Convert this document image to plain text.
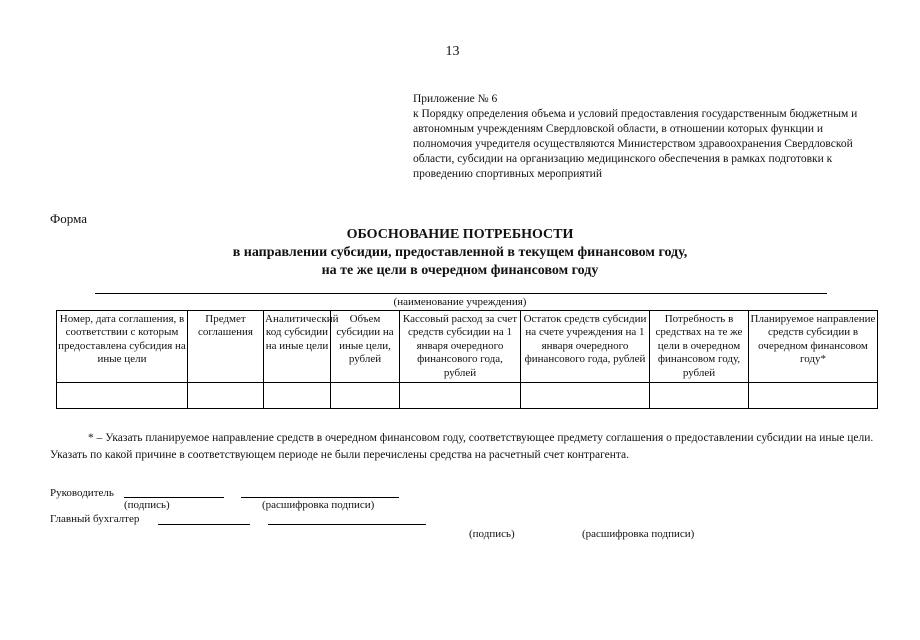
13
Приложение № 6
к Порядку определения объема и условий предоставления государственным бюджетным и автономным учреждениям Свердловской области, в отношении которых функции и полномочия учредителя осуществляются Министерством здравоохранения Свердловской области, субсидии на организацию медицинского обеспечения в рамках подготовки к проведению спортивных мероприятий
Форма
ОБОСНОВАНИЕ ПОТРЕБНОСТИ
в направлении субсидии, предоставленной в текущем финансовом году,
на те же цели в очередном финансовом году
(наименование учреждения)
Номер, дата соглашения, в соответствии с которым предоставлена субсидия на иные цели	Предмет соглашения	Аналитический код субсидии на иные цели	Объем субсидии на иные цели, рублей	Кассовый расход за счет средств субсидии на 1 января очередного финансового года, рублей	Остаток средств субсидии на счете учреждения на 1 января очередного финансового года, рублей	Потребность в средствах на те же цели в очередном финансовом году, рублей	Планируемое направление средств субсидии в очередном финансовом году*

* – Указать планируемое направление средств в очередном финансовом году, соответствующее предмету соглашения о предоставлении субсидии на иные цели. Указать по какой причине в соответствующем периоде не были перечислены средства на расчетный счет контрагента.
Руководитель
(подпись)	(расшифровка подписи)
Главный бухгалтер
(подпись)	(расшифровка подписи)
